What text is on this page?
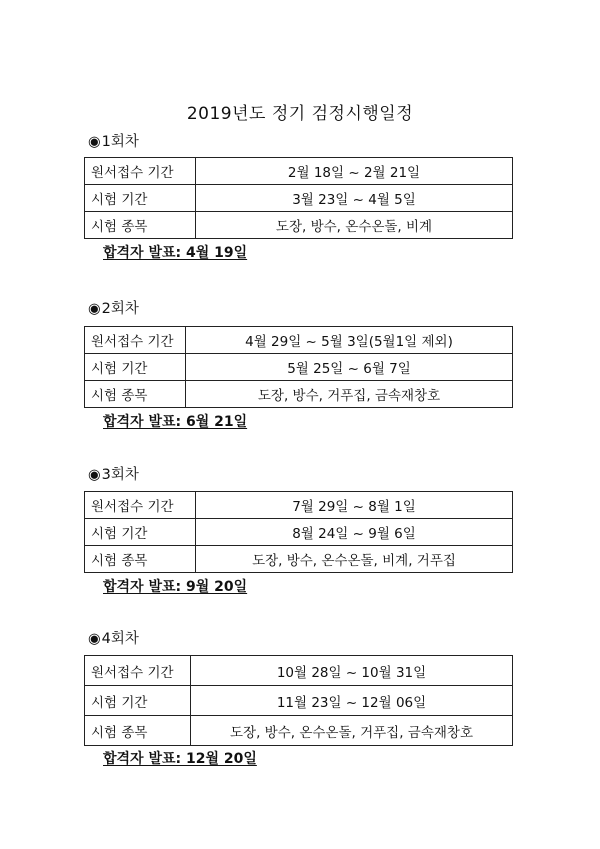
2019년도 정기 검정시행일정
◉1회차
원서접수 기간	2월 18일 ~ 2월 21일
시험 기간	3월 23일 ~ 4월 5일
시험 종목	도장, 방수, 온수온돌, 비계
합격자 발표: 4월 19일
◉2회차
원서접수 기간	4월 29일 ~ 5월 3일(5월1일 제외)
시험 기간	5월 25일 ~ 6월 7일
시험 종목	도장, 방수, 거푸집, 금속재창호
합격자 발표: 6월 21일
◉3회차
원서접수 기간	7월 29일 ~ 8월 1일
시험 기간	8월 24일 ~ 9월 6일
시험 종목	도장, 방수, 온수온돌, 비계, 거푸집
합격자 발표: 9월 20일
◉4회차
원서접수 기간	10월 28일 ~ 10월 31일
시험 기간	11월 23일 ~ 12월 06일
시험 종목	도장, 방수, 온수온돌, 거푸집, 금속재창호
합격자 발표: 12월 20일
